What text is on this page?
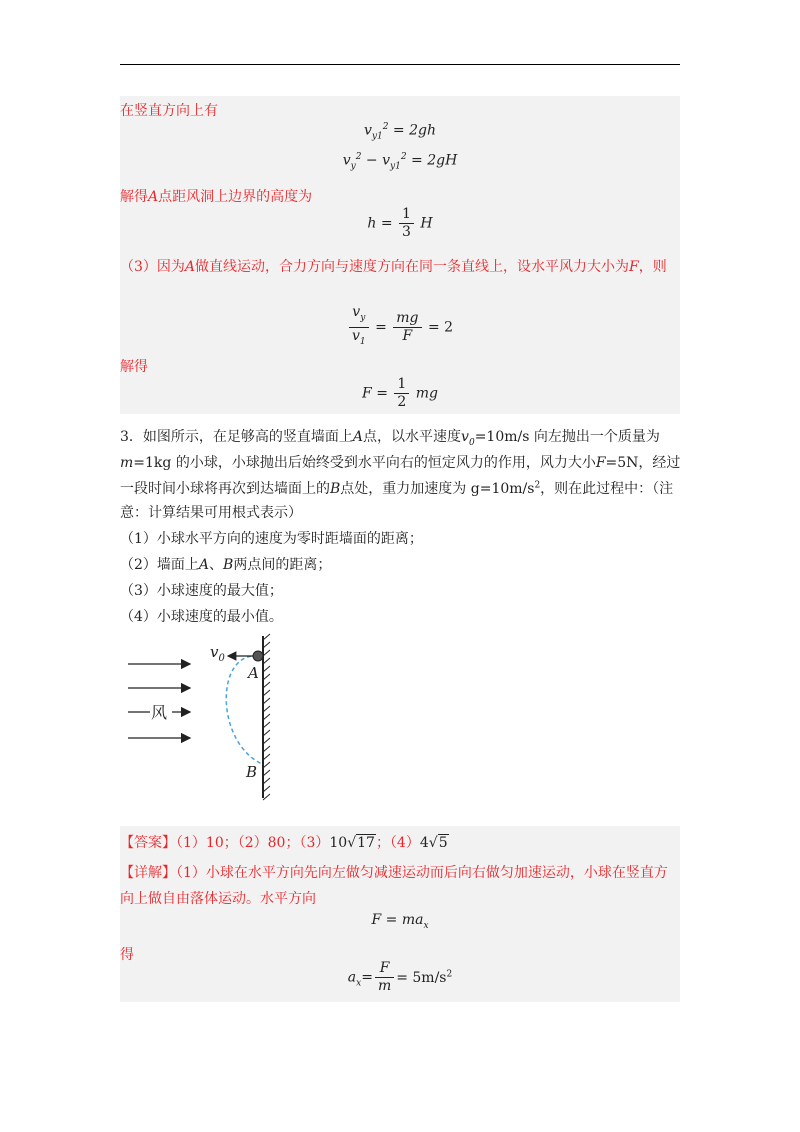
在竖直方向上有
$v_{y1}^2 = 2gh$
$v_y^2 - v_{y1}^2 = 2gH$
解得A点距风洞上边界的高度为
$h = \frac{1}{3}$ H
（3）因为A做直线运动，合力方向与速度方向在同一条直线上，设水平风力大小为F，则
$\frac{v_y}{v_1} = \frac{mg}{F} = 2$
解得
$F = \frac{1}{2}$ mg
3．如图所示，在足够高的竖直墙面上A点，以水平速度$v_0=10m/s$ 向左抛出一个质量为
m=1kg 的小球，小球抛出后始终受到水平向右的恒定风力的作用，风力大小F=5N，经过
一段时间小球将再次到达墙面上的B点处，重力加速度为 $g=10m/s^2$，则在此过程中：（注
意：计算结果可用根式表示）
（1）小球水平方向的速度为零时距墙面的距离；
（2）墙面上A、B两点间的距离；
（3）小球速度的最大值；
（4）小球速度的最小值。
风
$v_0$
A
B
【答案】（1）10；（2）80；（3）10√17；（4）4√5
【详解】（1）小球在水平方向先向左做匀减速运动而后向右做匀加速运动，小球在竖直方
向上做自由落体运动。水平方向
$F = ma_x$
得
$a_x= \frac{F}{m} = 5m/s^2$
